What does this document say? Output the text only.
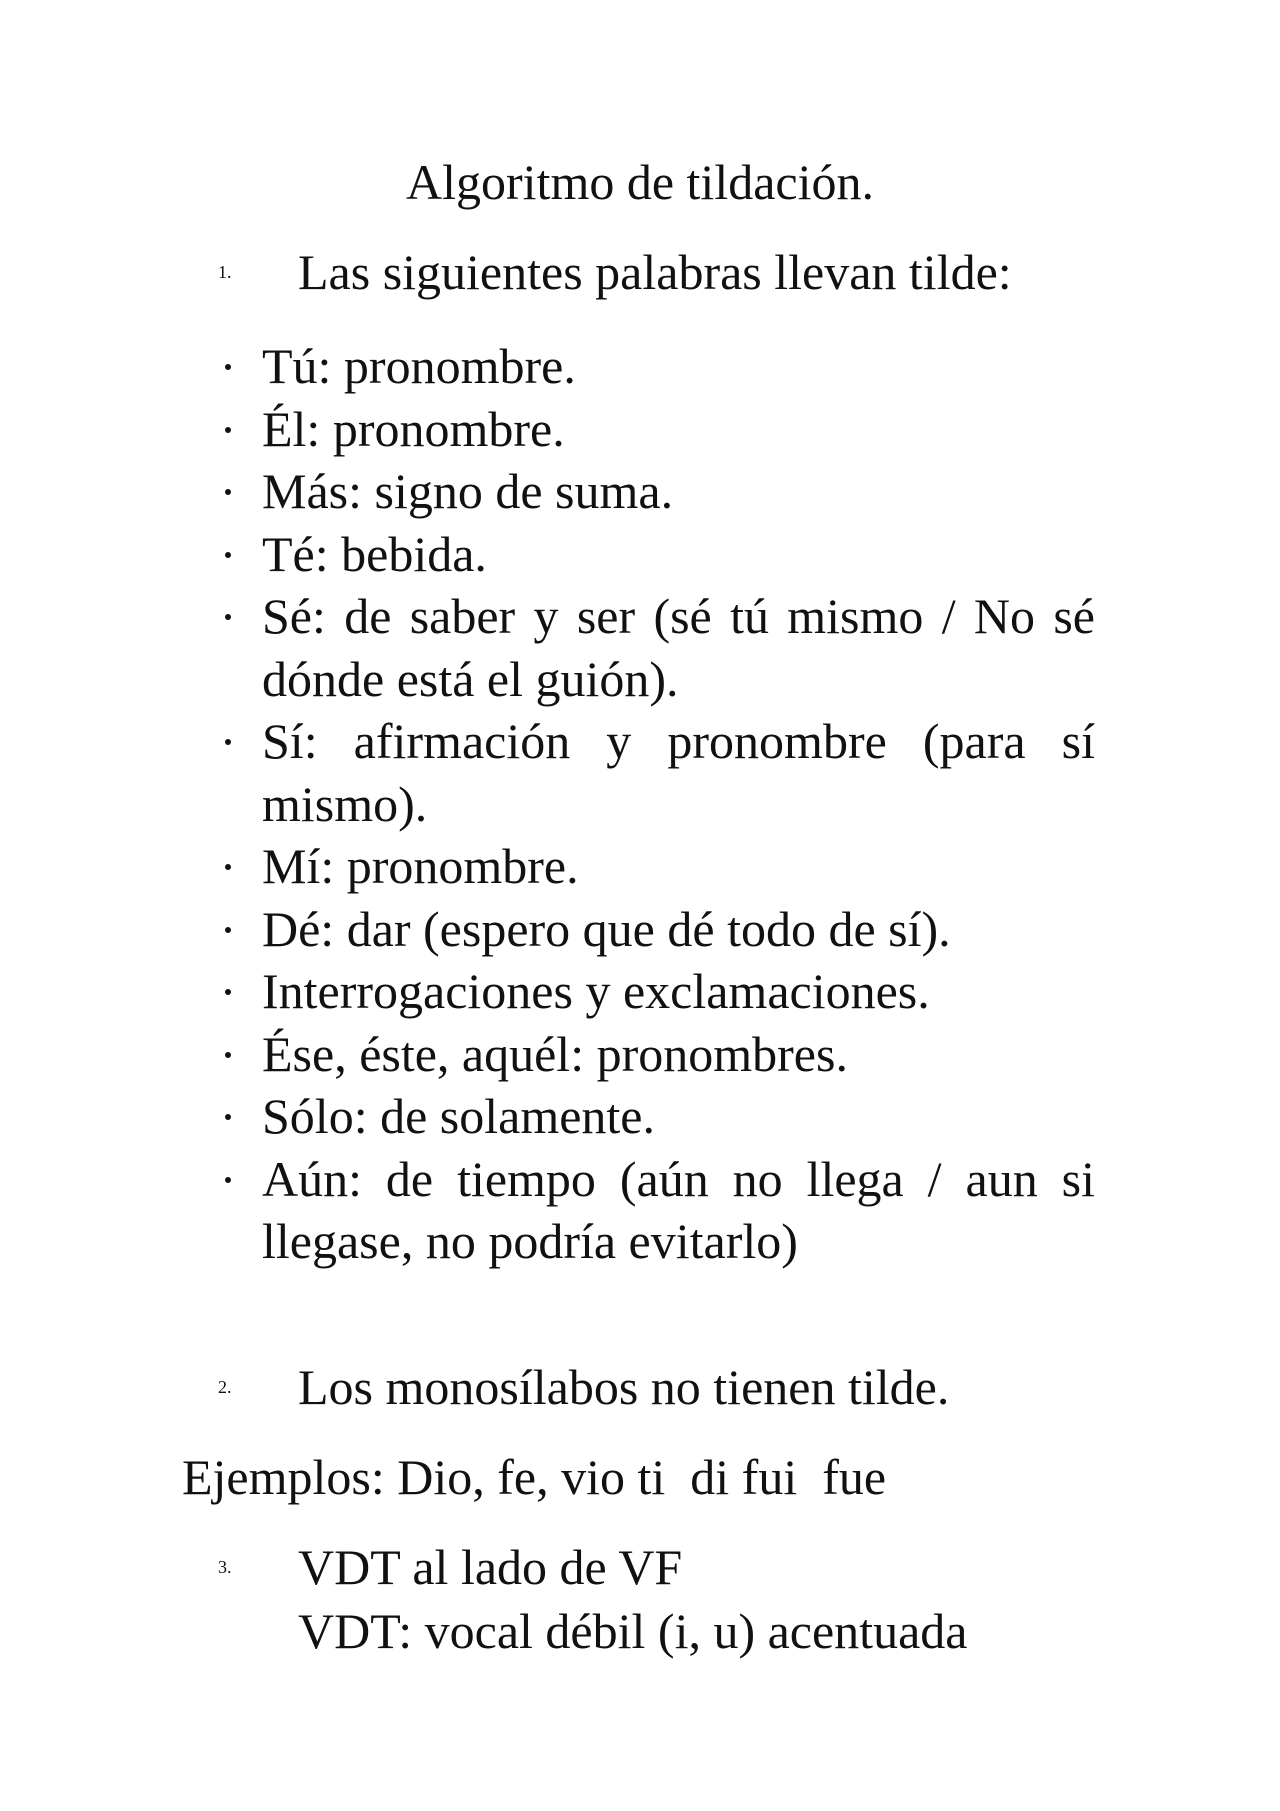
Algoritmo de tildación.
1. Las siguientes palabras llevan tilde:
Tú: pronombre.
Él: pronombre.
Más: signo de suma.
Té: bebida.
Sé: de saber y ser (sé tú mismo / No sé dónde está el guión).
Sí: afirmación y pronombre (para sí mismo).
Mí: pronombre.
Dé: dar (espero que dé todo de sí).
Interrogaciones y exclamaciones.
Ése, éste, aquél: pronombres.
Sólo: de solamente.
Aún: de tiempo (aún no llega / aun si llegase, no podría evitarlo)
2. Los monosílabos no tienen tilde.
Ejemplos: Dio, fe, vio ti  di fui  fue
3. VDT al lado de VF
VDT: vocal débil (i, u) acentuada
